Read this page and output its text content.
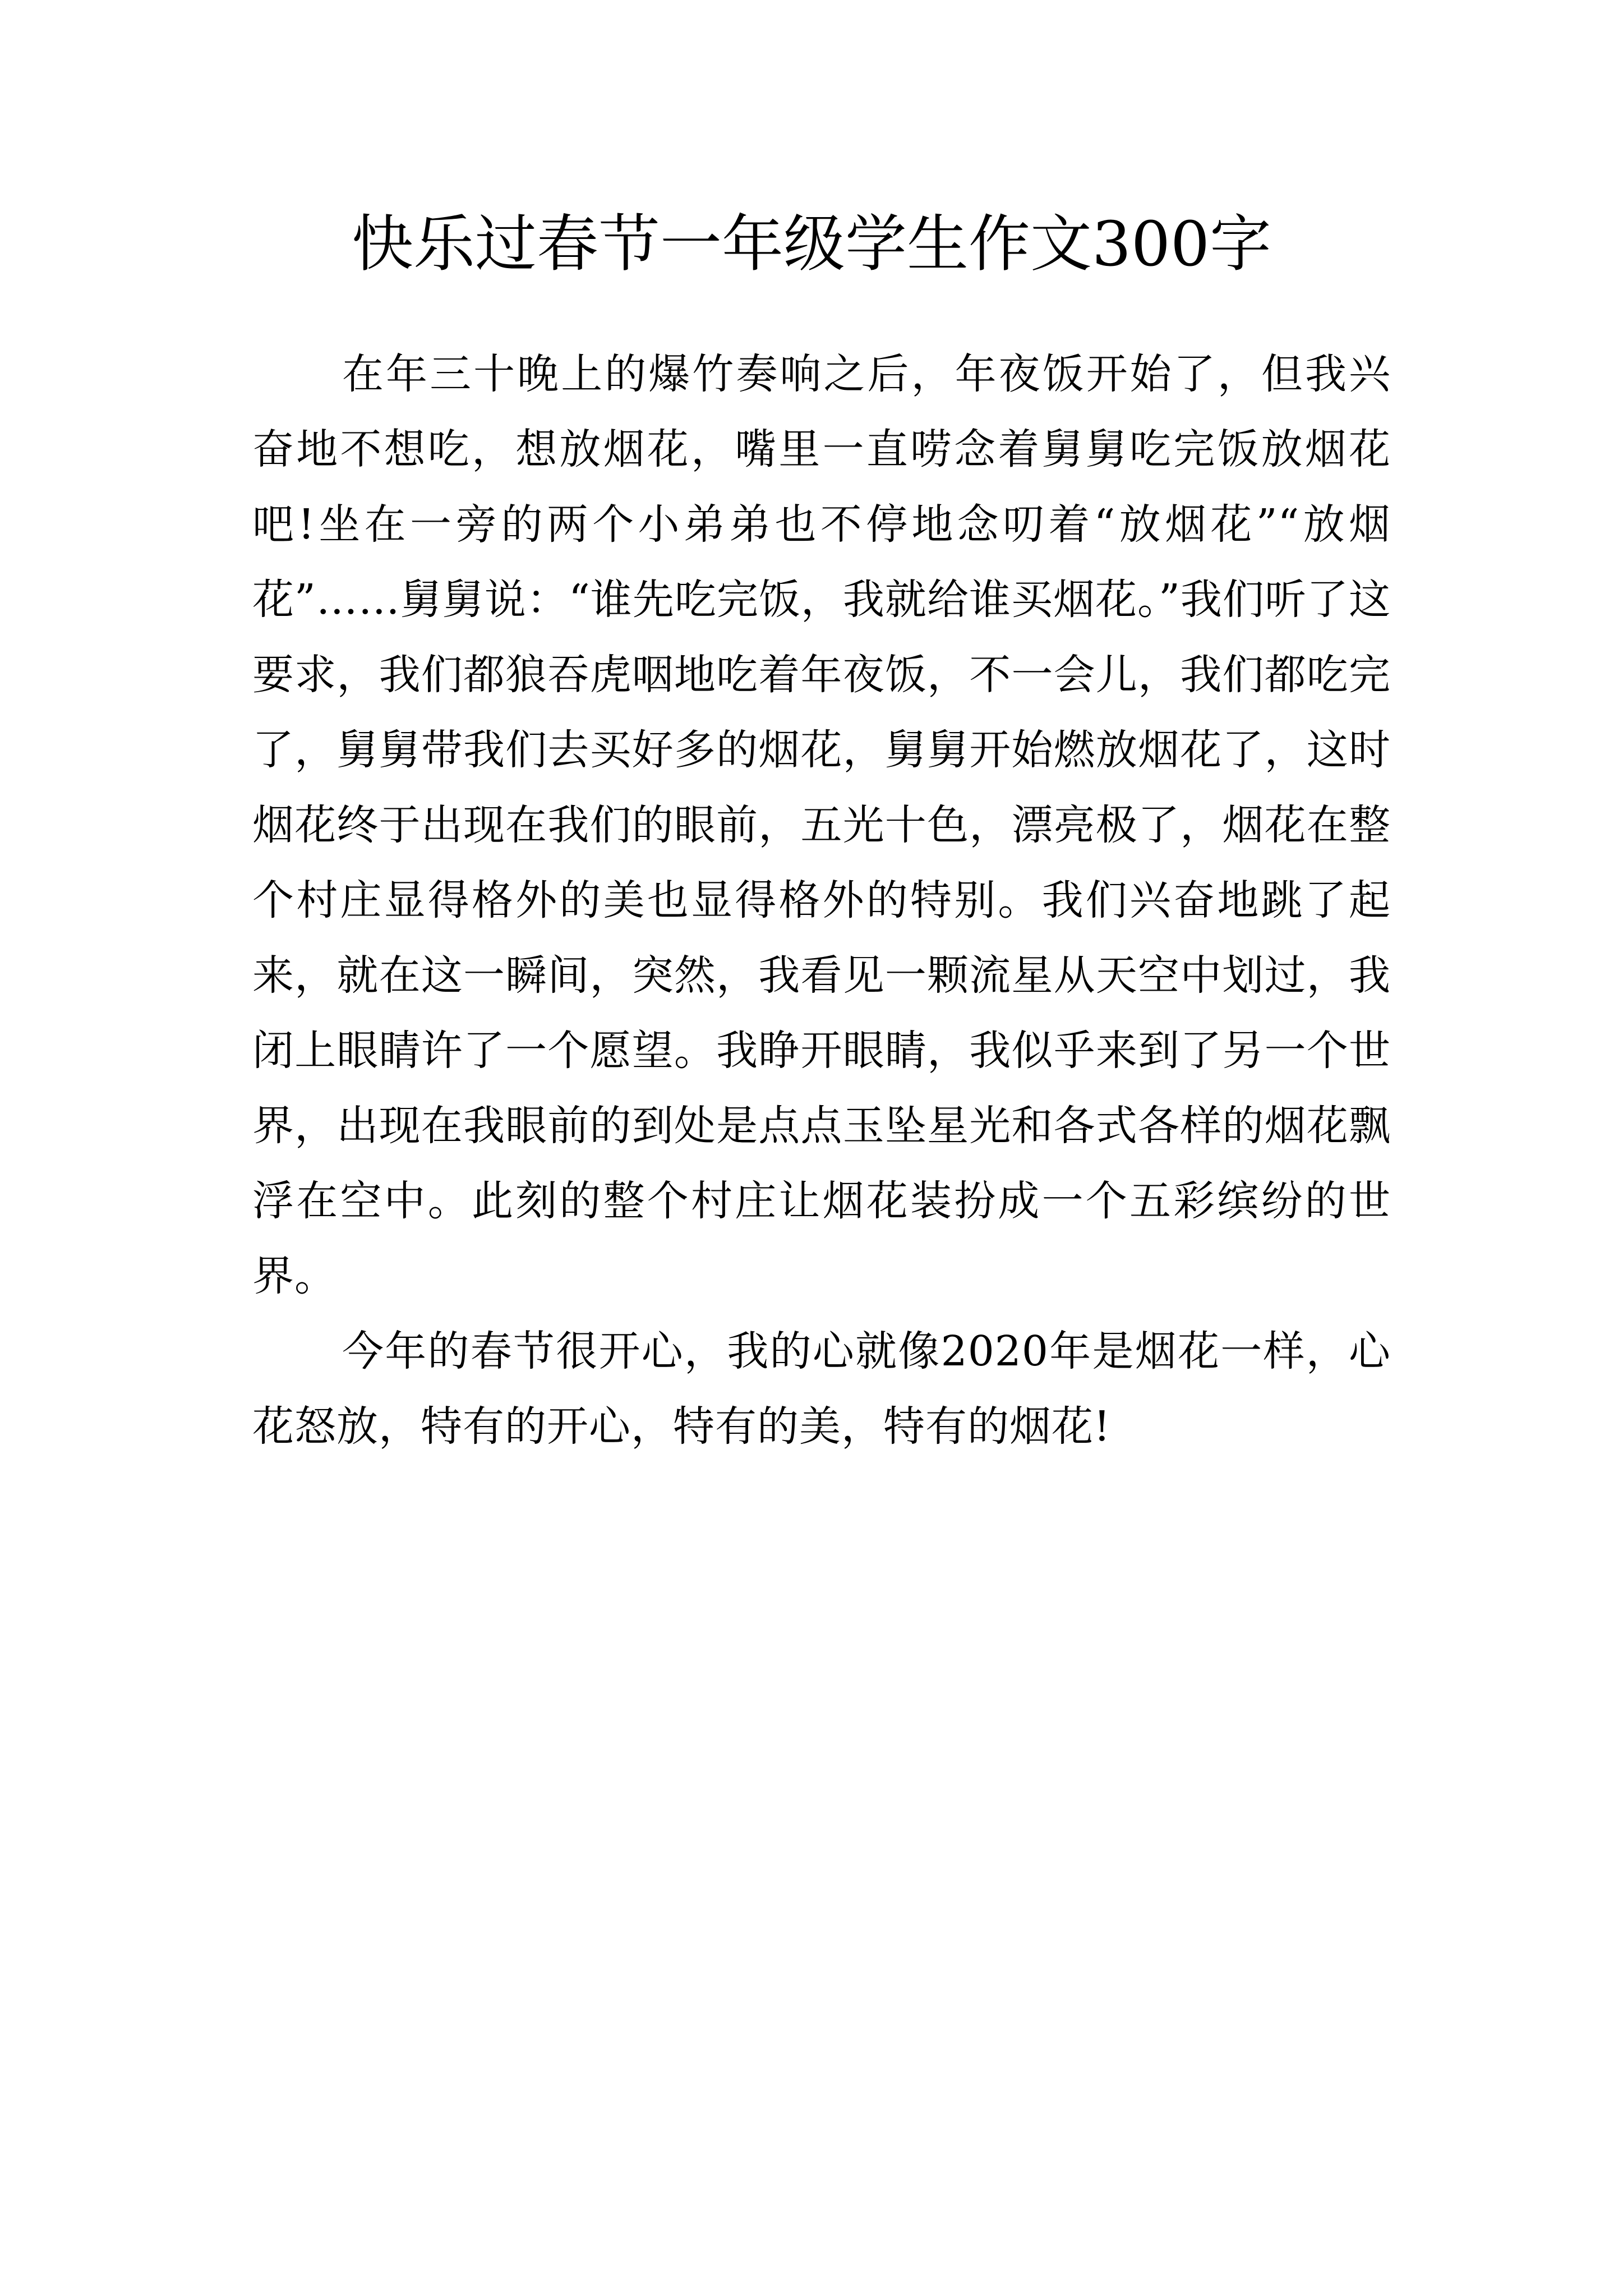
快乐过春节一年级学生作文300字

在年三十晚上的爆竹奏响之后，年夜饭开始了，但我兴奋地不想吃，想放烟花，嘴里一直唠念着舅舅吃完饭放烟花吧!坐在一旁的两个小弟弟也不停地念叨着“放烟花”“放烟花”……舅舅说：“谁先吃完饭，我就给谁买烟花。”我们听了这要求，我们都狼吞虎咽地吃着年夜饭，不一会儿，我们都吃完了，舅舅带我们去买好多的烟花，舅舅开始燃放烟花了，这时烟花终于出现在我们的眼前，五光十色，漂亮极了，烟花在整个村庄显得格外的美也显得格外的特别。我们兴奋地跳了起来，就在这一瞬间，突然，我看见一颗流星从天空中划过，我闭上眼睛许了一个愿望。我睁开眼睛，我似乎来到了另一个世界，出现在我眼前的到处是点点玉坠星光和各式各样的烟花飘浮在空中。此刻的整个村庄让烟花装扮成一个五彩缤纷的世界。

今年的春节很开心，我的心就像2020年是烟花一样，心花怒放，特有的开心，特有的美，特有的烟花!
